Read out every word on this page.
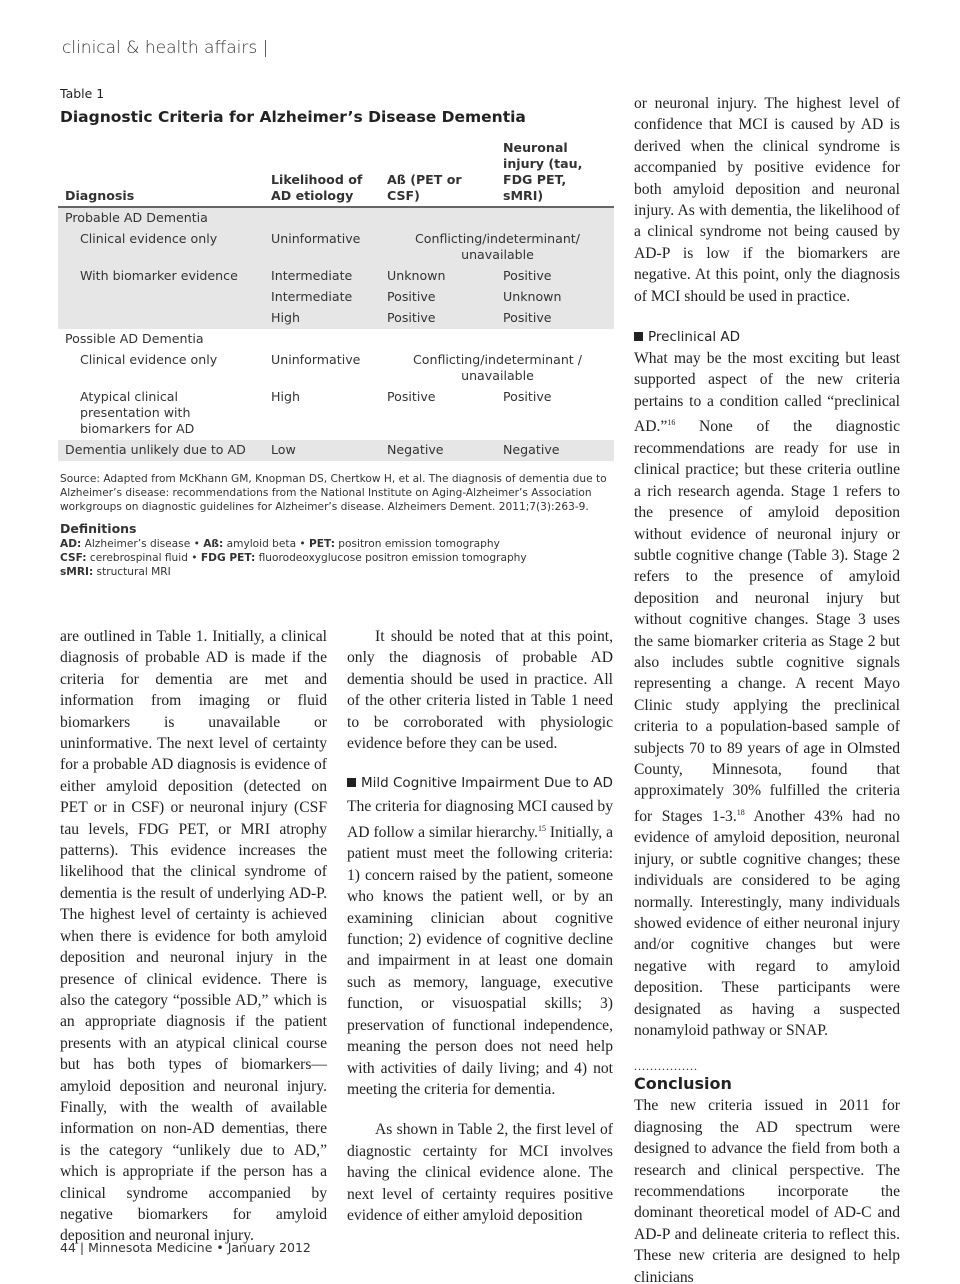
clinical & health affairs |
Table 1
Diagnostic Criteria for Alzheimer’s Disease Dementia
Diagnosis	Likelihood of AD etiology	Aß (PET or CSF)	Neuronal injury (tau, FDG PET, sMRI)
Probable AD Dementia			
Clinical evidence only	Uninformative	Conflicting/indeterminant/ unavailable	
With biomarker evidence	Intermediate	Unknown	Positive
	Intermediate	Positive	Unknown
	High	Positive	Positive
Possible AD Dementia			
Clinical evidence only	Uninformative	Conflicting/indeterminant / unavailable	
Atypical clinical presentation with biomarkers for AD	High	Positive	Positive
Dementia unlikely due to AD	Low	Negative	Negative
Source: Adapted from McKhann GM, Knopman DS, Chertkow H, et al. The diagnosis of dementia due to Alzheimer’s disease: recommendations from the National Institute on Aging-Alzheimer’s Association workgroups on diagnostic guidelines for Alzheimer’s disease. Alzheimers Dement. 2011;7(3):263-9.
Definitions
AD: Alzheimer’s disease • Aß: amyloid beta • PET: positron emission tomography
CSF: cerebrospinal fluid • FDG PET: fluorodeoxyglucose positron emission tomography
sMRI: structural MRI

are outlined in Table 1. Initially, a clinical diagnosis of probable AD is made if the criteria for dementia are met and information from imaging or fluid biomarkers is unavailable or uninformative. The next level of certainty for a probable AD diagnosis is evidence of either amyloid deposition (detected on PET or in CSF) or neuronal injury (CSF tau levels, FDG PET, or MRI atrophy patterns). This evidence increases the likelihood that the clinical syndrome of dementia is the result of underlying AD-P. The highest level of certainty is achieved when there is evidence for both amyloid deposition and neuronal injury in the presence of clinical evidence. There is also the category “possible AD,” which is an appropriate diagnosis if the patient presents with an atypical clinical course but has both types of biomarkers—amyloid deposition and neuronal injury. Finally, with the wealth of available information on non-AD dementias, there is the category “unlikely due to AD,” which is appropriate if the person has a clinical syndrome accompanied by negative biomarkers for amyloid deposition and neuronal injury.

It should be noted that at this point, only the diagnosis of probable AD dementia should be used in practice. All of the other criteria listed in Table 1 need to be corroborated with physiologic evidence before they can be used.

Mild Cognitive Impairment Due to AD

The criteria for diagnosing MCI caused by AD follow a similar hierarchy.$^{15}$ Initially, a patient must meet the following criteria: 1) concern raised by the patient, someone who knows the patient well, or by an examining clinician about cognitive function; 2) evidence of cognitive decline and impairment in at least one domain such as memory, language, executive function, or visuospatial skills; 3) preservation of functional independence, meaning the person does not need help with activities of daily living; and 4) not meeting the criteria for dementia.

As shown in Table 2, the first level of diagnostic certainty for MCI involves having the clinical evidence alone. The next level of certainty requires positive evidence of either amyloid deposition

or neuronal injury. The highest level of confidence that MCI is caused by AD is derived when the clinical syndrome is accompanied by positive evidence for both amyloid deposition and neuronal injury. As with dementia, the likelihood of a clinical syndrome not being caused by AD-P is low if the biomarkers are negative. At this point, only the diagnosis of MCI should be used in practice.

Preclinical AD

What may be the most exciting but least supported aspect of the new criteria pertains to a condition called “preclinical AD.”$^{16}$ None of the diagnostic recommendations are ready for use in clinical practice; but these criteria outline a rich research agenda. Stage 1 refers to the presence of amyloid deposition without evidence of neuronal injury or subtle cognitive change (Table 3). Stage 2 refers to the presence of amyloid deposition and neuronal injury but without cognitive changes. Stage 3 uses the same biomarker criteria as Stage 2 but also includes subtle cognitive signals representing a change. A recent Mayo Clinic study applying the preclinical criteria to a population-based sample of subjects 70 to 89 years of age in Olmsted County, Minnesota, found that approximately 30% fulfilled the criteria for Stages 1-3.18 Another 43% had no evidence of amyloid deposition, neuronal injury, or subtle cognitive changes; these individuals are considered to be aging normally. Interestingly, many individuals showed evidence of either neuronal injury and/or cognitive changes but were negative with regard to amyloid deposition. These participants were designated as having a suspected nonamyloid pathway or SNAP.

................
Conclusion

The new criteria issued in 2011 for diagnosing the AD spectrum were designed to advance the field from both a research and clinical perspective. The recommendations incorporate the dominant theoretical model of AD-C and AD-P and delineate criteria to reflect this. These new criteria are designed to help clinicians

44 | Minnesota Medicine • January 2012
